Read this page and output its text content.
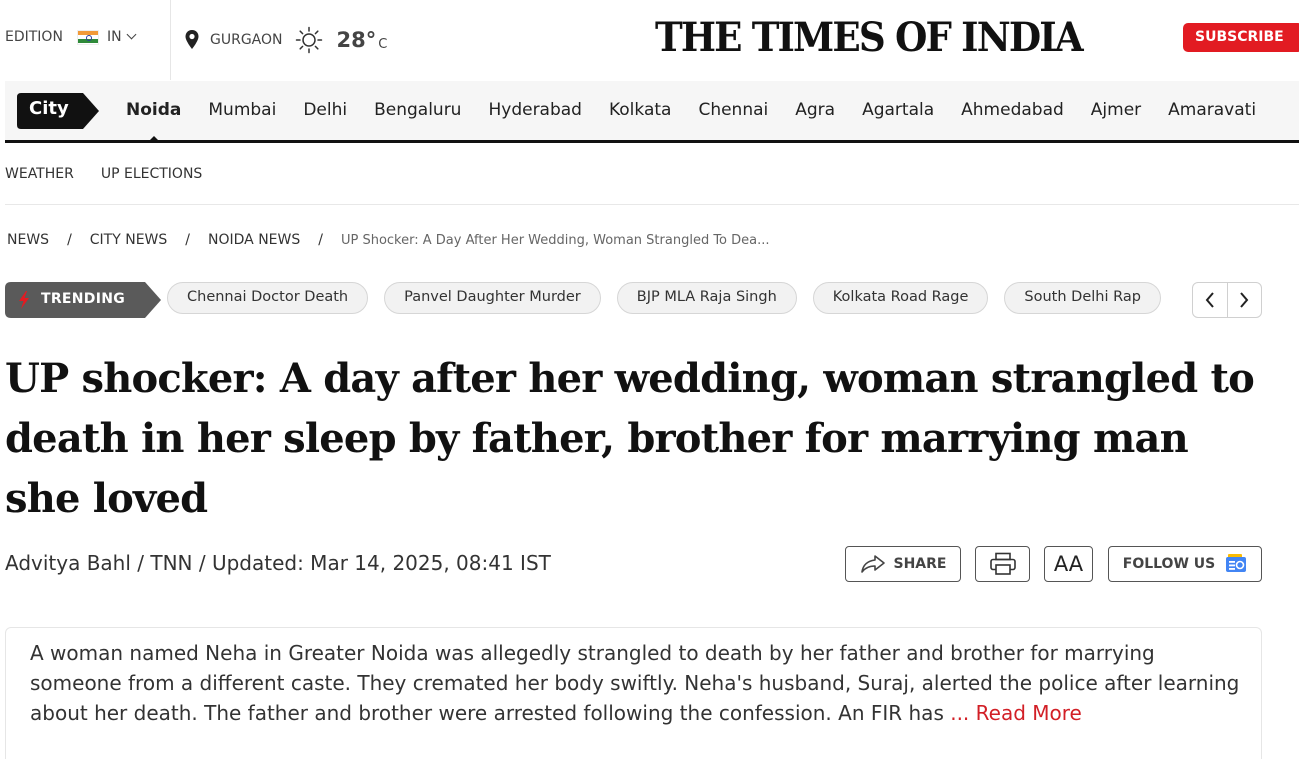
EDITION	IN	GURGAON	28° C	THE TIMES OF INDIA	SUBSCRIBE
City	Noida Mumbai Delhi Bengaluru Hyderabad Kolkata Chennai Agra Agartala Ahmedabad Ajmer Amaravati
WEATHER UP ELECTIONS
NEWS / CITY NEWS / NOIDA NEWS / UP Shocker: A Day After Her Wedding, Woman Strangled To Dea...
TRENDING	Chennai Doctor Death	Panvel Daughter Murder	BJP MLA Raja Singh	Kolkata Road Rage	South Delhi Rap
UP shocker: A day after her wedding, woman strangled to death in her sleep by father, brother for marrying man she loved
Advitya Bahl / TNN / Updated: Mar 14, 2025, 08:41 IST	SHARE	AA	FOLLOW US

A woman named Neha in Greater Noida was allegedly strangled to death by her father and brother for marrying someone from a different caste. They cremated her body swiftly. Neha's husband, Suraj, alerted the police after learning about her death. The father and brother were arrested following the confession. An FIR has ... Read More
